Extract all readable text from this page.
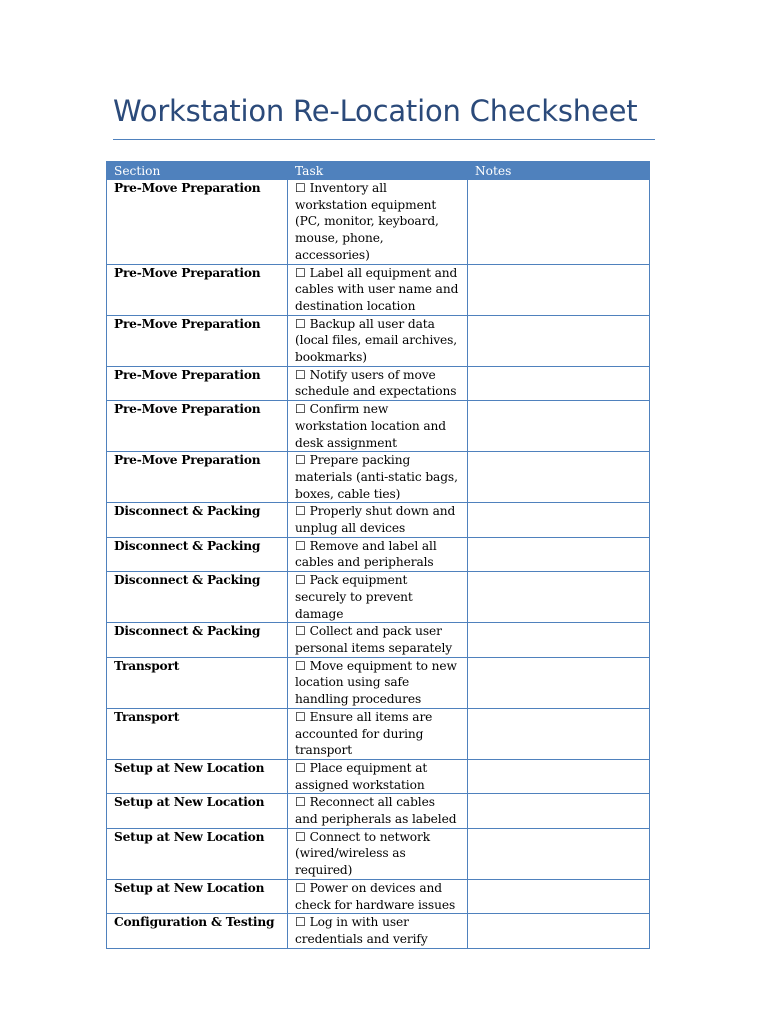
Workstation Re-Location Checksheet
Section	Task	Notes
Pre-Move Preparation	☐ Inventory all workstation equipment (PC, monitor, keyboard, mouse, phone, accessories)	
Pre-Move Preparation	☐ Label all equipment and cables with user name and destination location	
Pre-Move Preparation	☐ Backup all user data (local files, email archives, bookmarks)	
Pre-Move Preparation	☐ Notify users of move schedule and expectations	
Pre-Move Preparation	☐ Confirm new workstation location and desk assignment	
Pre-Move Preparation	☐ Prepare packing materials (anti-static bags, boxes, cable ties)	
Disconnect & Packing	☐ Properly shut down and unplug all devices	
Disconnect & Packing	☐ Remove and label all cables and peripherals	
Disconnect & Packing	☐ Pack equipment securely to prevent damage	
Disconnect & Packing	☐ Collect and pack user personal items separately	
Transport	☐ Move equipment to new location using safe handling procedures	
Transport	☐ Ensure all items are accounted for during transport	
Setup at New Location	☐ Place equipment at assigned workstation	
Setup at New Location	☐ Reconnect all cables and peripherals as labeled	
Setup at New Location	☐ Connect to network (wired/wireless as required)	
Setup at New Location	☐ Power on devices and check for hardware issues	
Configuration & Testing	☐ Log in with user credentials and verify	
